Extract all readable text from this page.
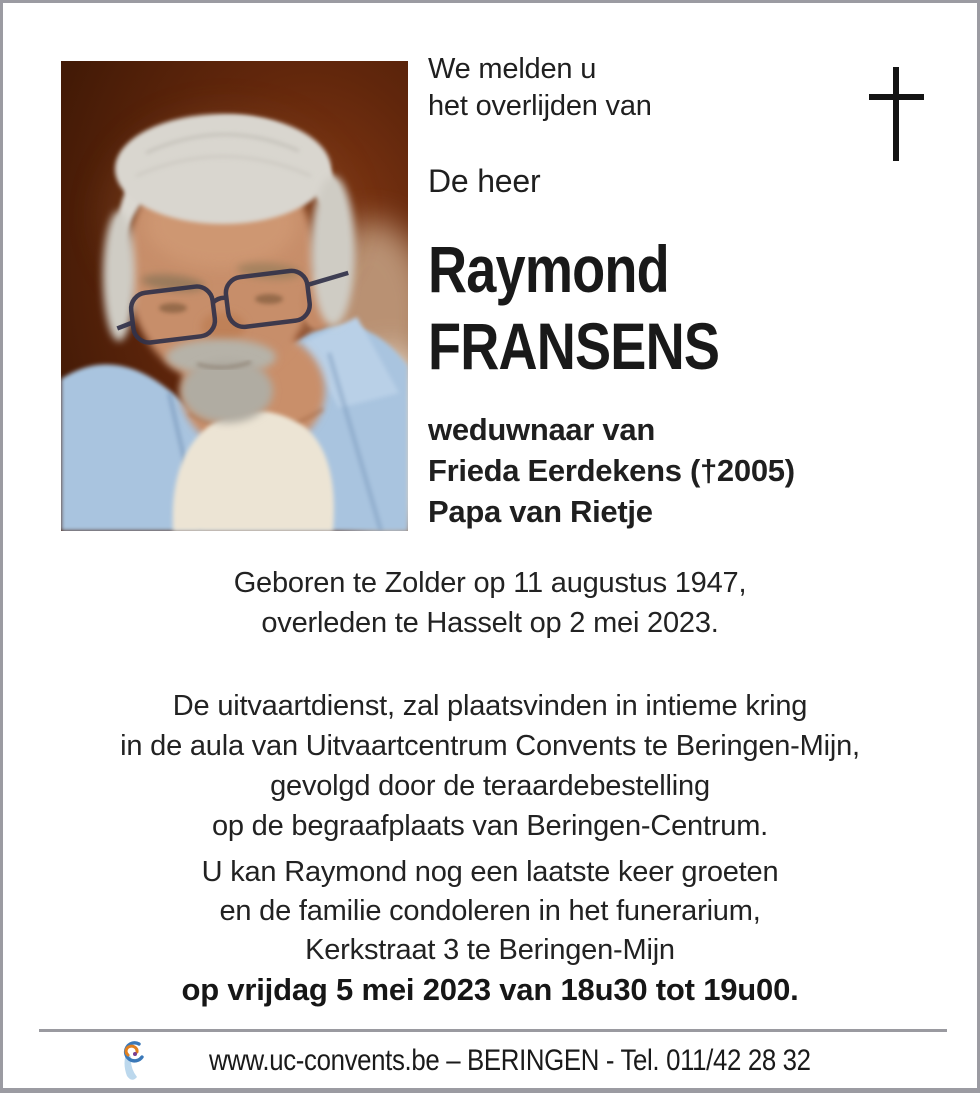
We melden u
het overlijden van
De heer
Raymond
FRANSENS
weduwnaar van
Frieda Eerdekens (†2005)
Papa van Rietje
Geboren te Zolder op 11 augustus 1947,
overleden te Hasselt op 2 mei 2023.
De uitvaartdienst, zal plaatsvinden in intieme kring
in de aula van Uitvaartcentrum Convents te Beringen-Mijn,
gevolgd door de teraardebestelling
op de begraafplaats van Beringen-Centrum.
U kan Raymond nog een laatste keer groeten
en de familie condoleren in het funerarium,
Kerkstraat 3 te Beringen-Mijn
op vrijdag 5 mei 2023 van 18u30 tot 19u00.
www.uc-convents.be – BERINGEN - Tel. 011/42 28 32
